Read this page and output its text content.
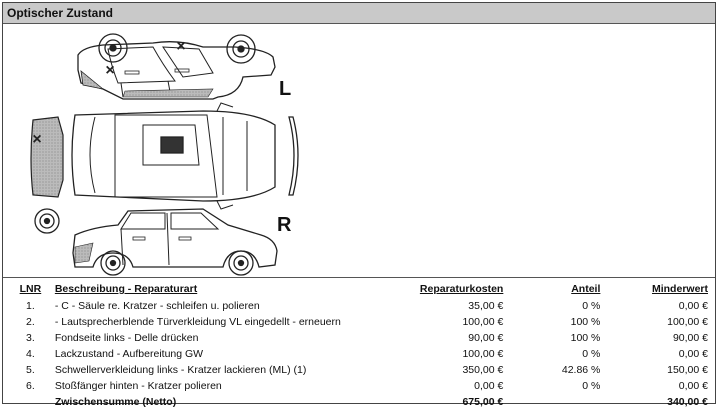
Optischer Zustand
×
×
×
L
R
LNR	Beschreibung - Reparaturart	Reparaturkosten	Anteil	Minderwert
1.	- C - Säule re. Kratzer - schleifen u. polieren	35,00 €	0 %	0,00 €
2.	- Lautsprecherblende Türverkleidung VL eingedellt - erneuern	100,00 €	100 %	100,00 €
3.	Fondseite links - Delle drücken	90,00 €	100 %	90,00 €
4.	Lackzustand - Aufbereitung GW	100,00 €	0 %	0,00 €
5.	Schwellerverkleidung links - Kratzer lackieren (ML) (1)	350,00 €	42.86 %	150,00 €
6.	Stoßfänger hinten - Kratzer polieren	0,00 €	0 %	0,00 €
	Zwischensumme (Netto)	675,00 €		340,00 €
